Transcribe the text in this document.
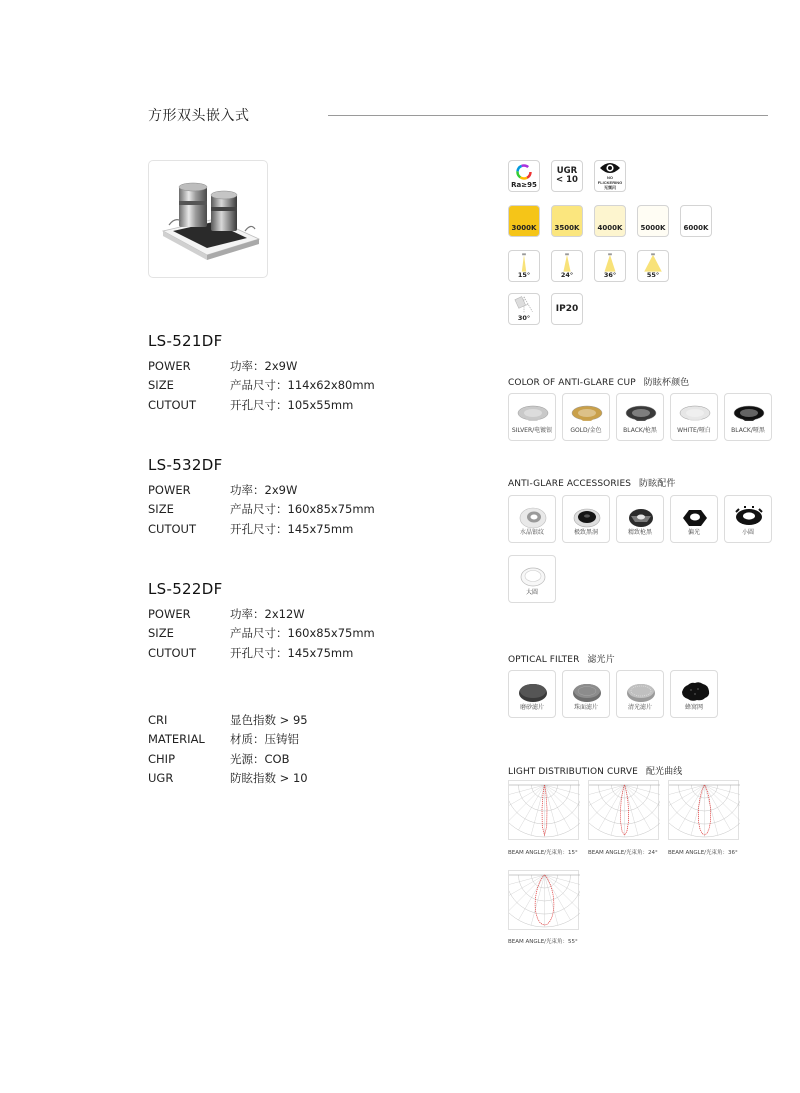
方形双头嵌入式
LS-521DF
POWER	功率：2x9W
SIZE	产品尺寸：114x62x80mm
CUTOUT	开孔尺寸：105x55mm
LS-532DF
POWER	功率：2x9W
SIZE	产品尺寸：160x85x75mm
CUTOUT	开孔尺寸：145x75mm
LS-522DF
POWER	功率：2x12W
SIZE	产品尺寸：160x85x75mm
CUTOUT	开孔尺寸：145x75mm
CRI	显色指数 > 95
MATERIAL	材质：压铸铝
CHIP	光源：COB
UGR	防眩指数 > 10
Ra≥95
UGR
< 10	NO FLICKERING
无频闪
3000K	3500K	4000K	5000K	6000K
15°	24°	36°	55°
30°
IP20
COLOR OF ANTI-GLARE CUP 防眩杯颜色
SILVER/电镀银	GOLD/金色	BLACK/枪黑	WHITE/哑白	BLACK/哑黑
ANTI-GLARE ACCESSORIES 防眩配件
水晶银纹	极致黑洞	精致枪黑	偏光	小圆
大圆
OPTICAL FILTER 滤光片
磨砂滤片	珠面滤片	清光滤片	蜂窝网
LIGHT DISTRIBUTION CURVE 配光曲线
BEAM ANGLE/光束角：15° BEAM ANGLE/光束角：24° BEAM ANGLE/光束角：36°
BEAM ANGLE/光束角：55°
